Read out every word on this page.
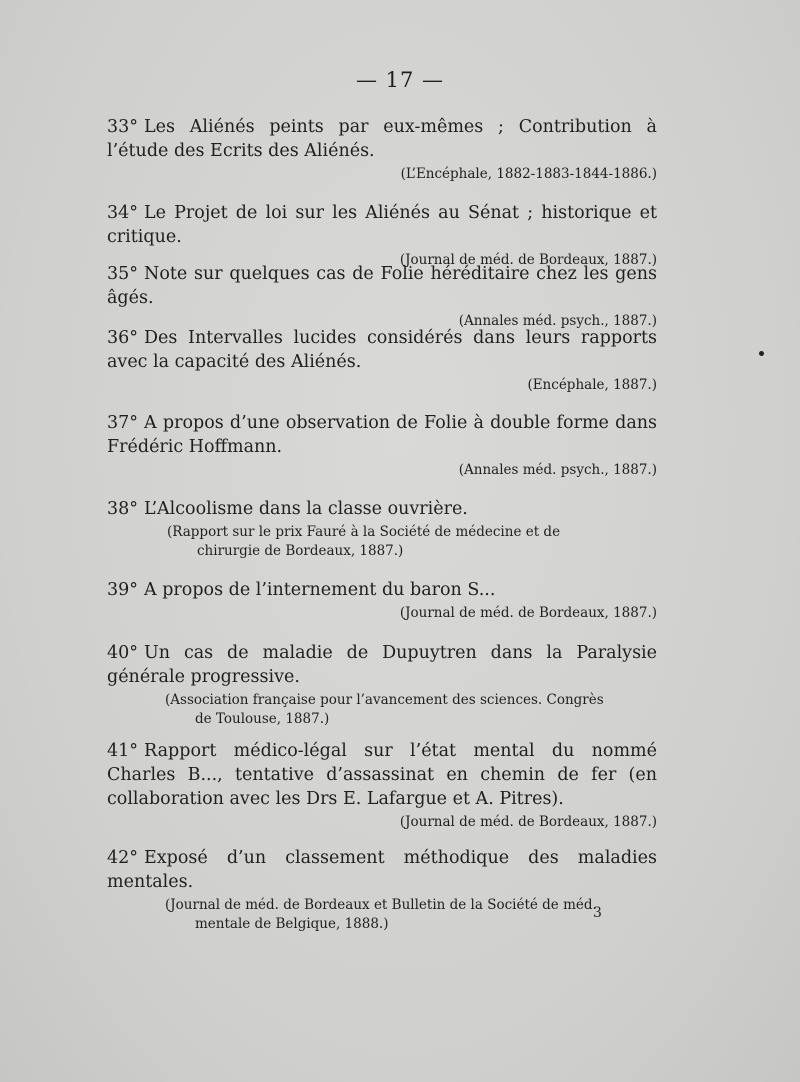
— 17 —
33° Les Aliénés peints par eux-mêmes ; Contribution à l’étude des Ecrits des Aliénés.
(L’Encéphale, 1882-1883-1844-1886.)
34° Le Projet de loi sur les Aliénés au Sénat ; historique et critique.
(Journal de méd. de Bordeaux, 1887.)
35° Note sur quelques cas de Folie héréditaire chez les gens âgés.
(Annales méd. psych., 1887.)
36° Des Intervalles lucides considérés dans leurs rapports avec la capacité des Aliénés.
(Encéphale, 1887.)
37° A propos d’une observation de Folie à double forme dans Frédéric Hoffmann.
(Annales méd. psych., 1887.)
38° L’Alcoolisme dans la classe ouvrière.
(Rapport sur le prix Fauré à la Société de médecine et de
chirurgie de Bordeaux, 1887.)
39° A propos de l’internement du baron S...
(Journal de méd. de Bordeaux, 1887.)
40° Un cas de maladie de Dupuytren dans la Paralysie générale progressive.
(Association française pour l’avancement des sciences. Congrès
de Toulouse, 1887.)
41° Rapport médico-légal sur l’état mental du nommé Charles B..., tentative d’assassinat en chemin de fer (en collaboration avec les Drs E. Lafargue et A. Pitres).
(Journal de méd. de Bordeaux, 1887.)
42° Exposé d’un classement méthodique des maladies mentales.
(Journal de méd. de Bordeaux et Bulletin de la Société de méd.
mentale de Belgique, 1888.)
3
